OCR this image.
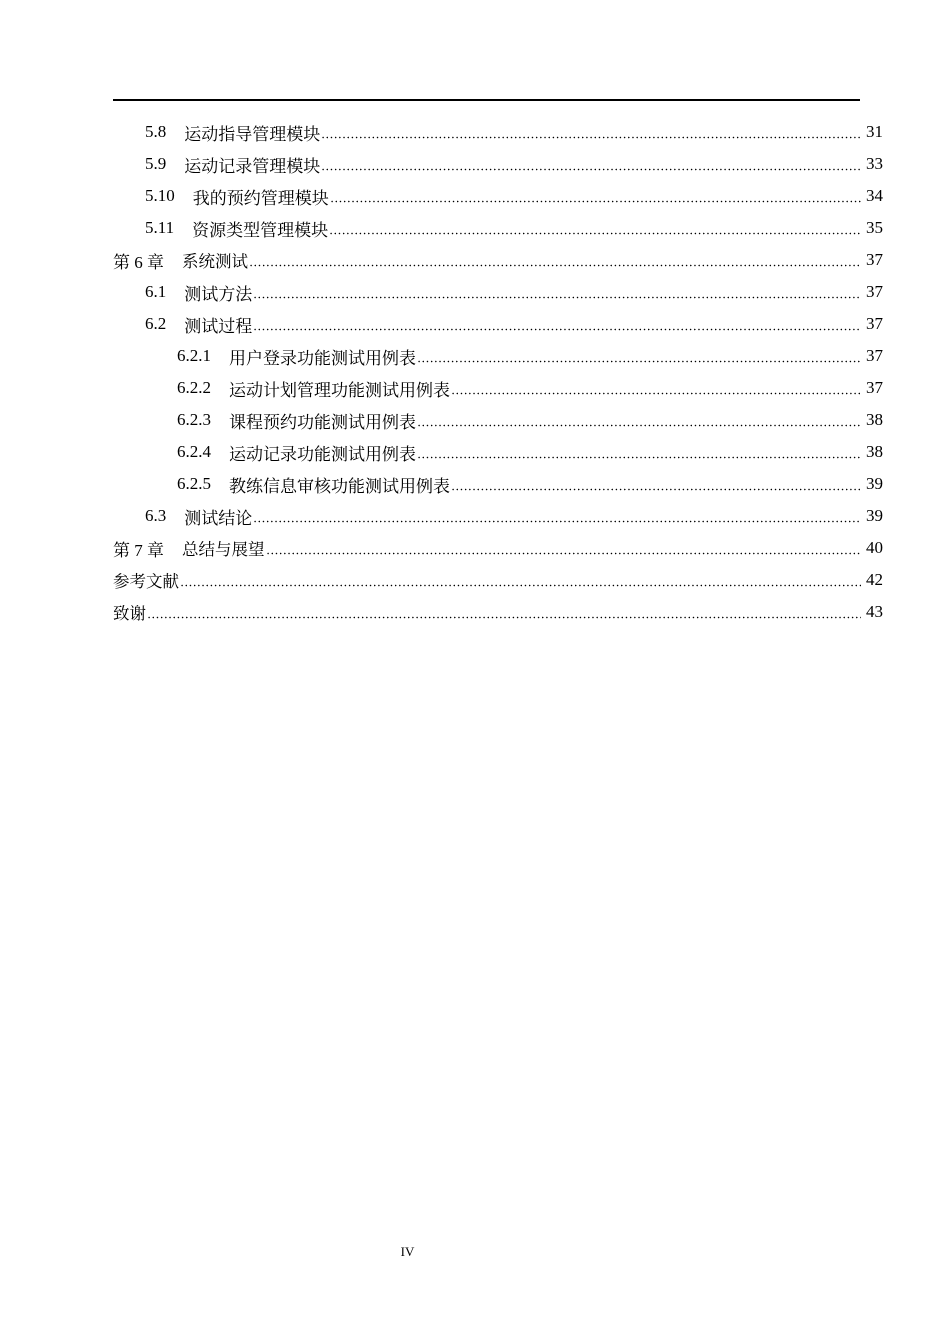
5.8 运动指导管理模块	31
5.9 运动记录管理模块	33
5.10 我的预约管理模块	34
5.11 资源类型管理模块	35
第 6 章 系统测试	37
6.1 测试方法	37
6.2 测试过程	37
6.2.1 用户登录功能测试用例表	37
6.2.2 运动计划管理功能测试用例表	37
6.2.3 课程预约功能测试用例表	38
6.2.4 运动记录功能测试用例表	38
6.2.5 教练信息审核功能测试用例表	39
6.3 测试结论	39
第 7 章 总结与展望	40
参考文献	42
致谢	43
IV
